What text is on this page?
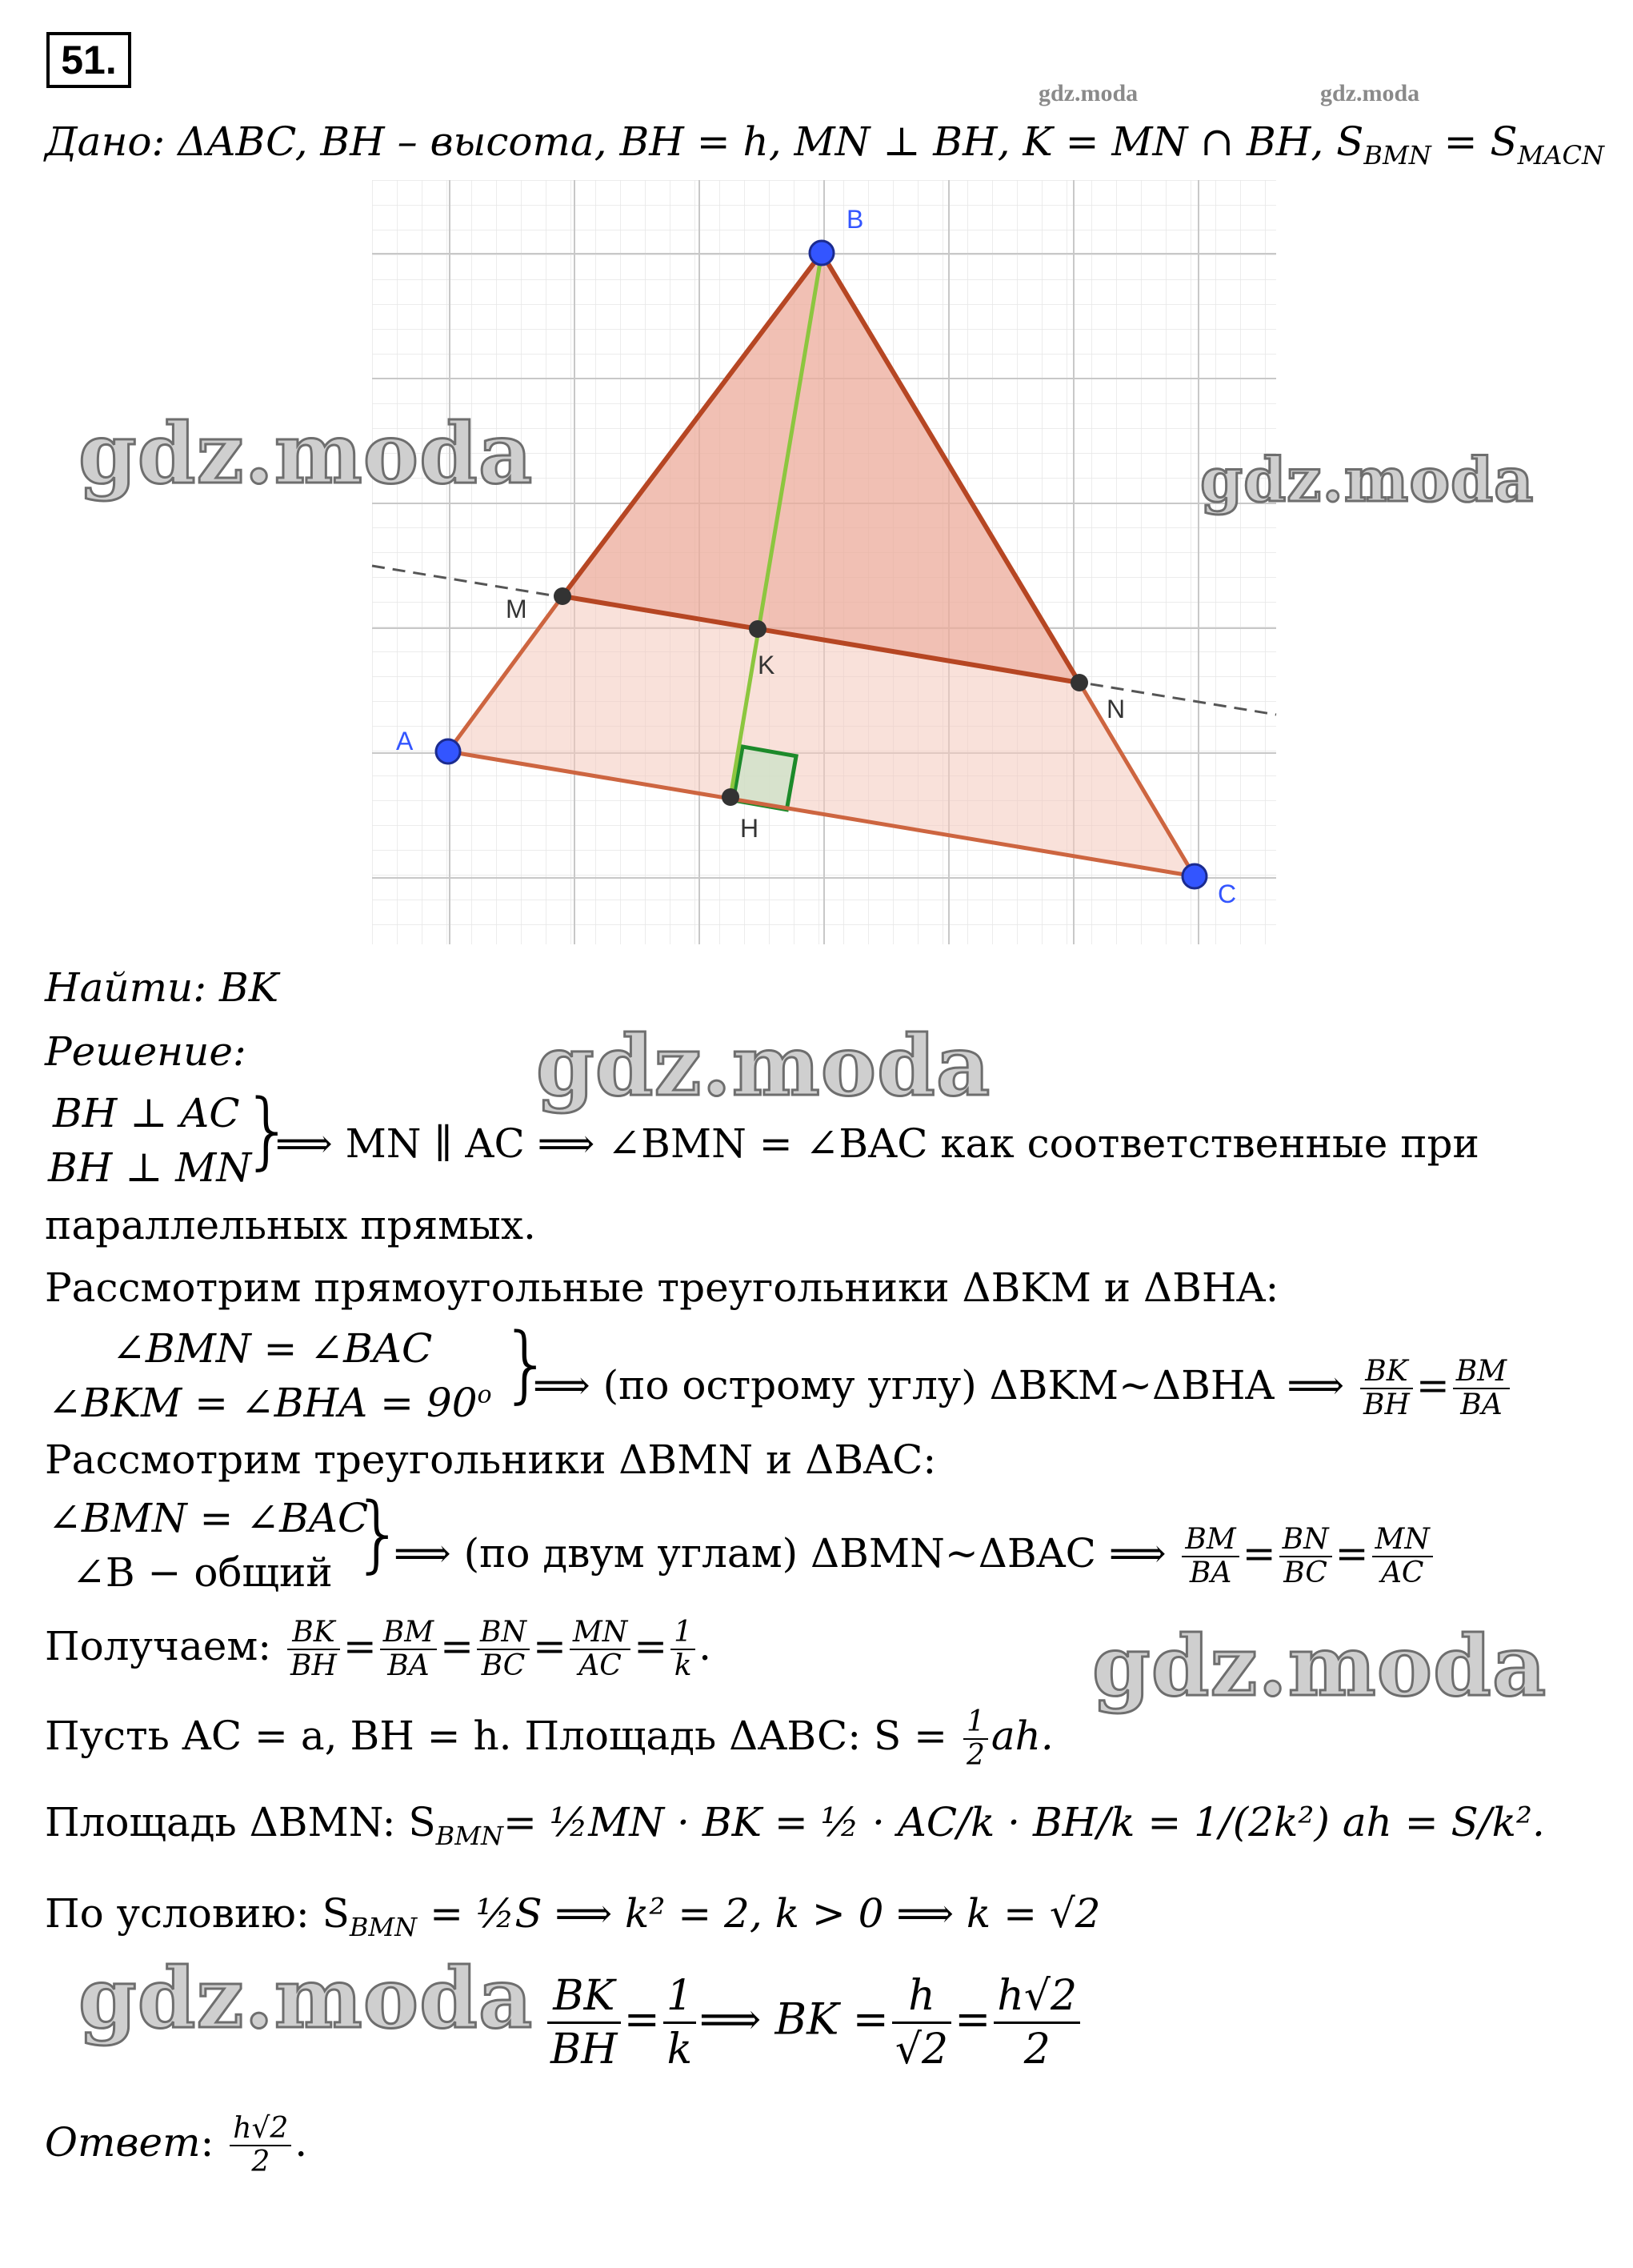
51.
gdz.moda	gdz.moda
Дано: ΔABC, BH – высота, BH = h, MN ⊥ BH, K = MN ∩ BH, $S_{BMN} = S_{MACN}$
A
B
C
M
N
K
H
gdz.moda	gdz.moda
Найти: BK
Решение:	gdz.moda
BH ⊥ AC
BH ⊥ MN
}
⟹ MN ∥ AC ⟹ ∠BMN = ∠BAC как соответственные при
параллельных прямых.
Рассмотрим прямоугольные треугольники ΔBKM и ΔBHA:
∠BMN = ∠BAC
∠BKM = ∠BHA = $90^o$ }
⟹ (по острому углу) ΔBKM~ΔBHA ⟹ $\frac{BK}{BH} = \frac{BM}{BA}$
Рассмотрим треугольники ΔBMN и ΔBAC:
∠BMN = ∠BAC
∠B − общий }
⟹ (по двум углам) ΔBMN~ΔBAC ⟹ $\frac{BM}{BA} = \frac{BN}{BC} = \frac{MN}{AC}$
Получаем: $\frac{BK}{BH} = \frac{BM}{BA} = \frac{BN}{BC} = \frac{MN}{AC} = \frac{1}{k}$ .	gdz.moda
Пусть AC = a, BH = h. Площадь ΔABC: $S = \frac{1}{2}$ ah.
Площадь ΔBMN: $S_{BMN}=$ ½MN · BK = ½ · AC/k · BH/k = 1/(2k²) ah = S/k².
По условию: $S_{BMN}$ = ½S ⟹ k² = 2, k > 0 ⟹ k = √2
gdz.moda $\frac{BK}{BH} = \frac{1}{k}$ ⟹ BK = $\frac{h}{√2} = \frac{h√2}{2}$
Ответ: $\frac{h√2}{2}$ .
